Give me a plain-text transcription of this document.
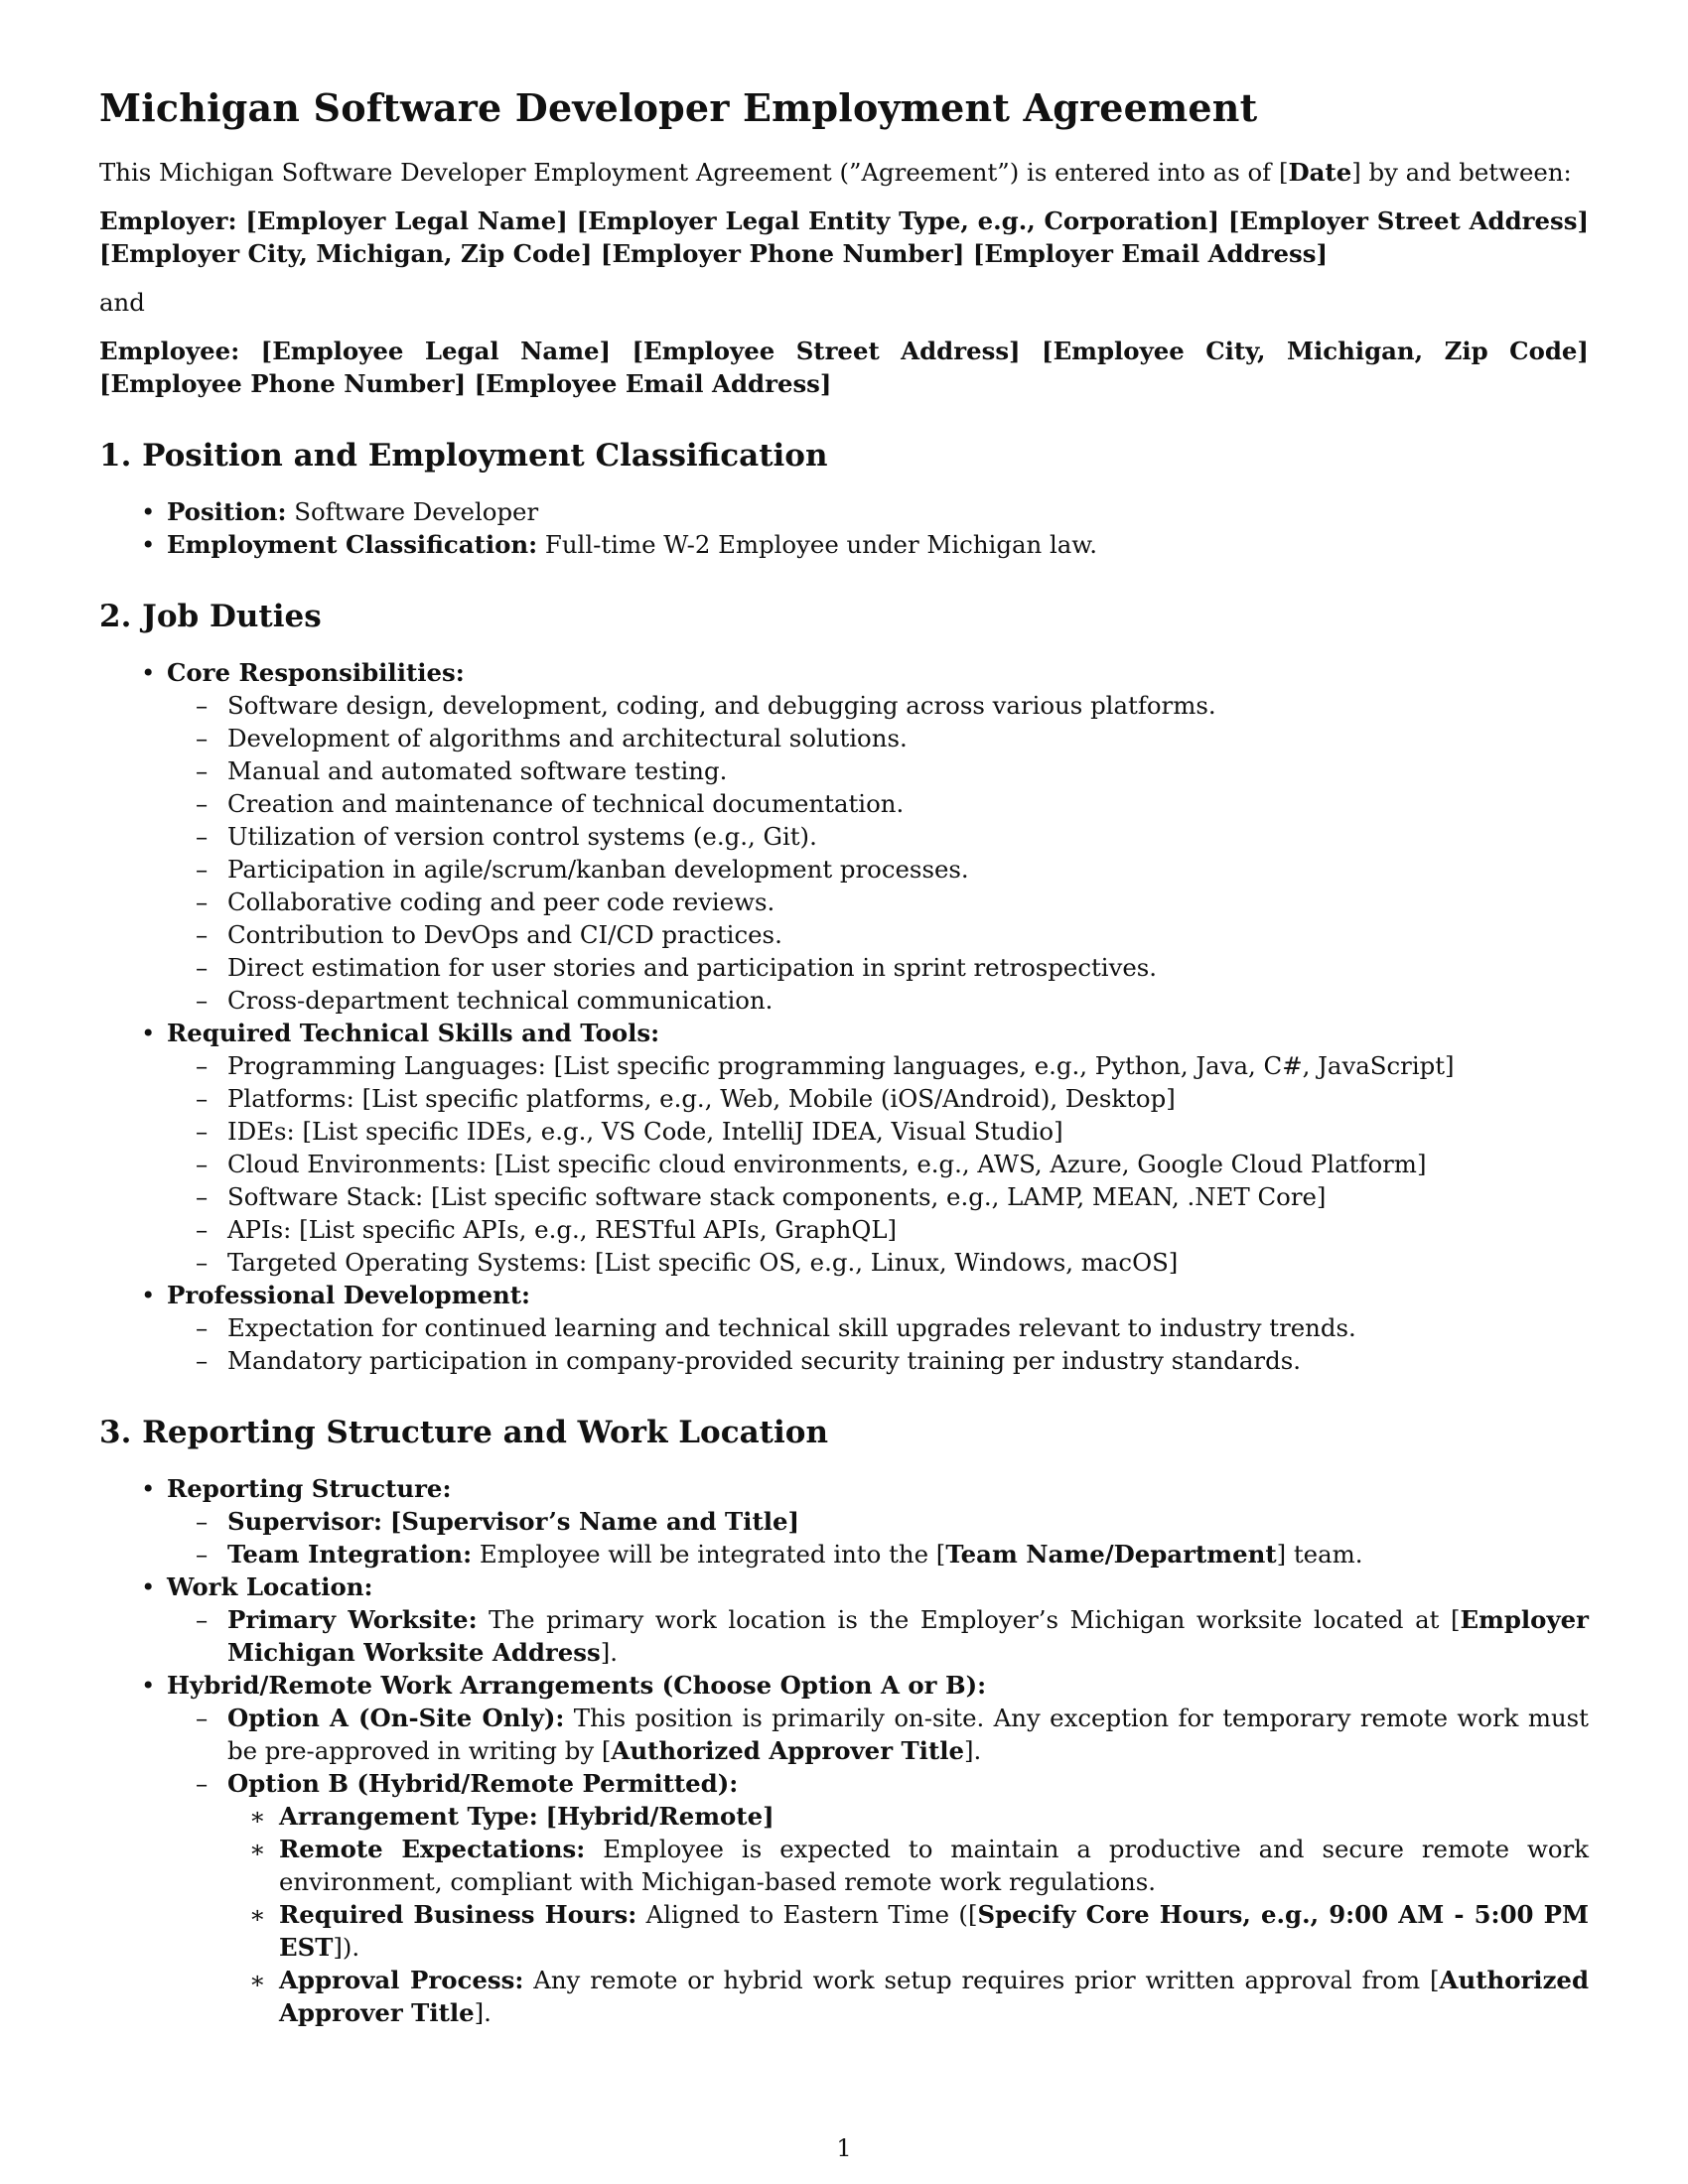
Michigan Software Developer Employment Agreement

This Michigan Software Developer Employment Agreement (”Agreement”) is entered into as of [Date] by and between:

Employer: [Employer Legal Name] [Employer Legal Entity Type, e.g., Corporation] [Employer Street Address] [Employer City, Michigan, Zip Code] [Employer Phone Number] [Employer Email Address]

and

Employee: [Employee Legal Name] [Employee Street Address] [Employee City, Michigan, Zip Code] [Employee Phone Number] [Employee Email Address]

1. Position and Employment Classification
• Position: Software Developer
• Employment Classification: Full-time W-2 Employee under Michigan law.
2. Job Duties
• Core Responsibilities:
– Software design, development, coding, and debugging across various platforms.
– Development of algorithms and architectural solutions.
– Manual and automated software testing.
– Creation and maintenance of technical documentation.
– Utilization of version control systems (e.g., Git).
– Participation in agile/scrum/kanban development processes.
– Collaborative coding and peer code reviews.
– Contribution to DevOps and CI/CD practices.
– Direct estimation for user stories and participation in sprint retrospectives.
– Cross-department technical communication.
• Required Technical Skills and Tools:
– Programming Languages: [List specific programming languages, e.g., Python, Java, C#, JavaScript]
– Platforms: [List specific platforms, e.g., Web, Mobile (iOS/Android), Desktop]
– IDEs: [List specific IDEs, e.g., VS Code, IntelliJ IDEA, Visual Studio]
– Cloud Environments: [List specific cloud environments, e.g., AWS, Azure, Google Cloud Platform]
– Software Stack: [List specific software stack components, e.g., LAMP, MEAN, .NET Core]
– APIs: [List specific APIs, e.g., RESTful APIs, GraphQL]
– Targeted Operating Systems: [List specific OS, e.g., Linux, Windows, macOS]
• Professional Development:
– Expectation for continued learning and technical skill upgrades relevant to industry trends.
– Mandatory participation in company-provided security training per industry standards.
3. Reporting Structure and Work Location
• Reporting Structure:
– Supervisor: [Supervisor’s Name and Title]
– Team Integration: Employee will be integrated into the [Team Name/Department] team.
• Work Location:
– Primary Worksite: The primary work location is the Employer’s Michigan worksite located at [Employer Michigan Worksite Address].
• Hybrid/Remote Work Arrangements (Choose Option A or B):
– Option A (On-Site Only): This position is primarily on-site. Any exception for temporary remote work must be pre-approved in writing by [Authorized Approver Title].
– Option B (Hybrid/Remote Permitted):
∗ Arrangement Type: [Hybrid/Remote]
∗ Remote Expectations: Employee is expected to maintain a productive and secure remote work environment, compliant with Michigan-based remote work regulations.
∗ Required Business Hours: Aligned to Eastern Time ([Specify Core Hours, e.g., 9:00 AM - 5:00 PM EST]).
∗ Approval Process: Any remote or hybrid work setup requires prior written approval from [Authorized Approver Title].
1
